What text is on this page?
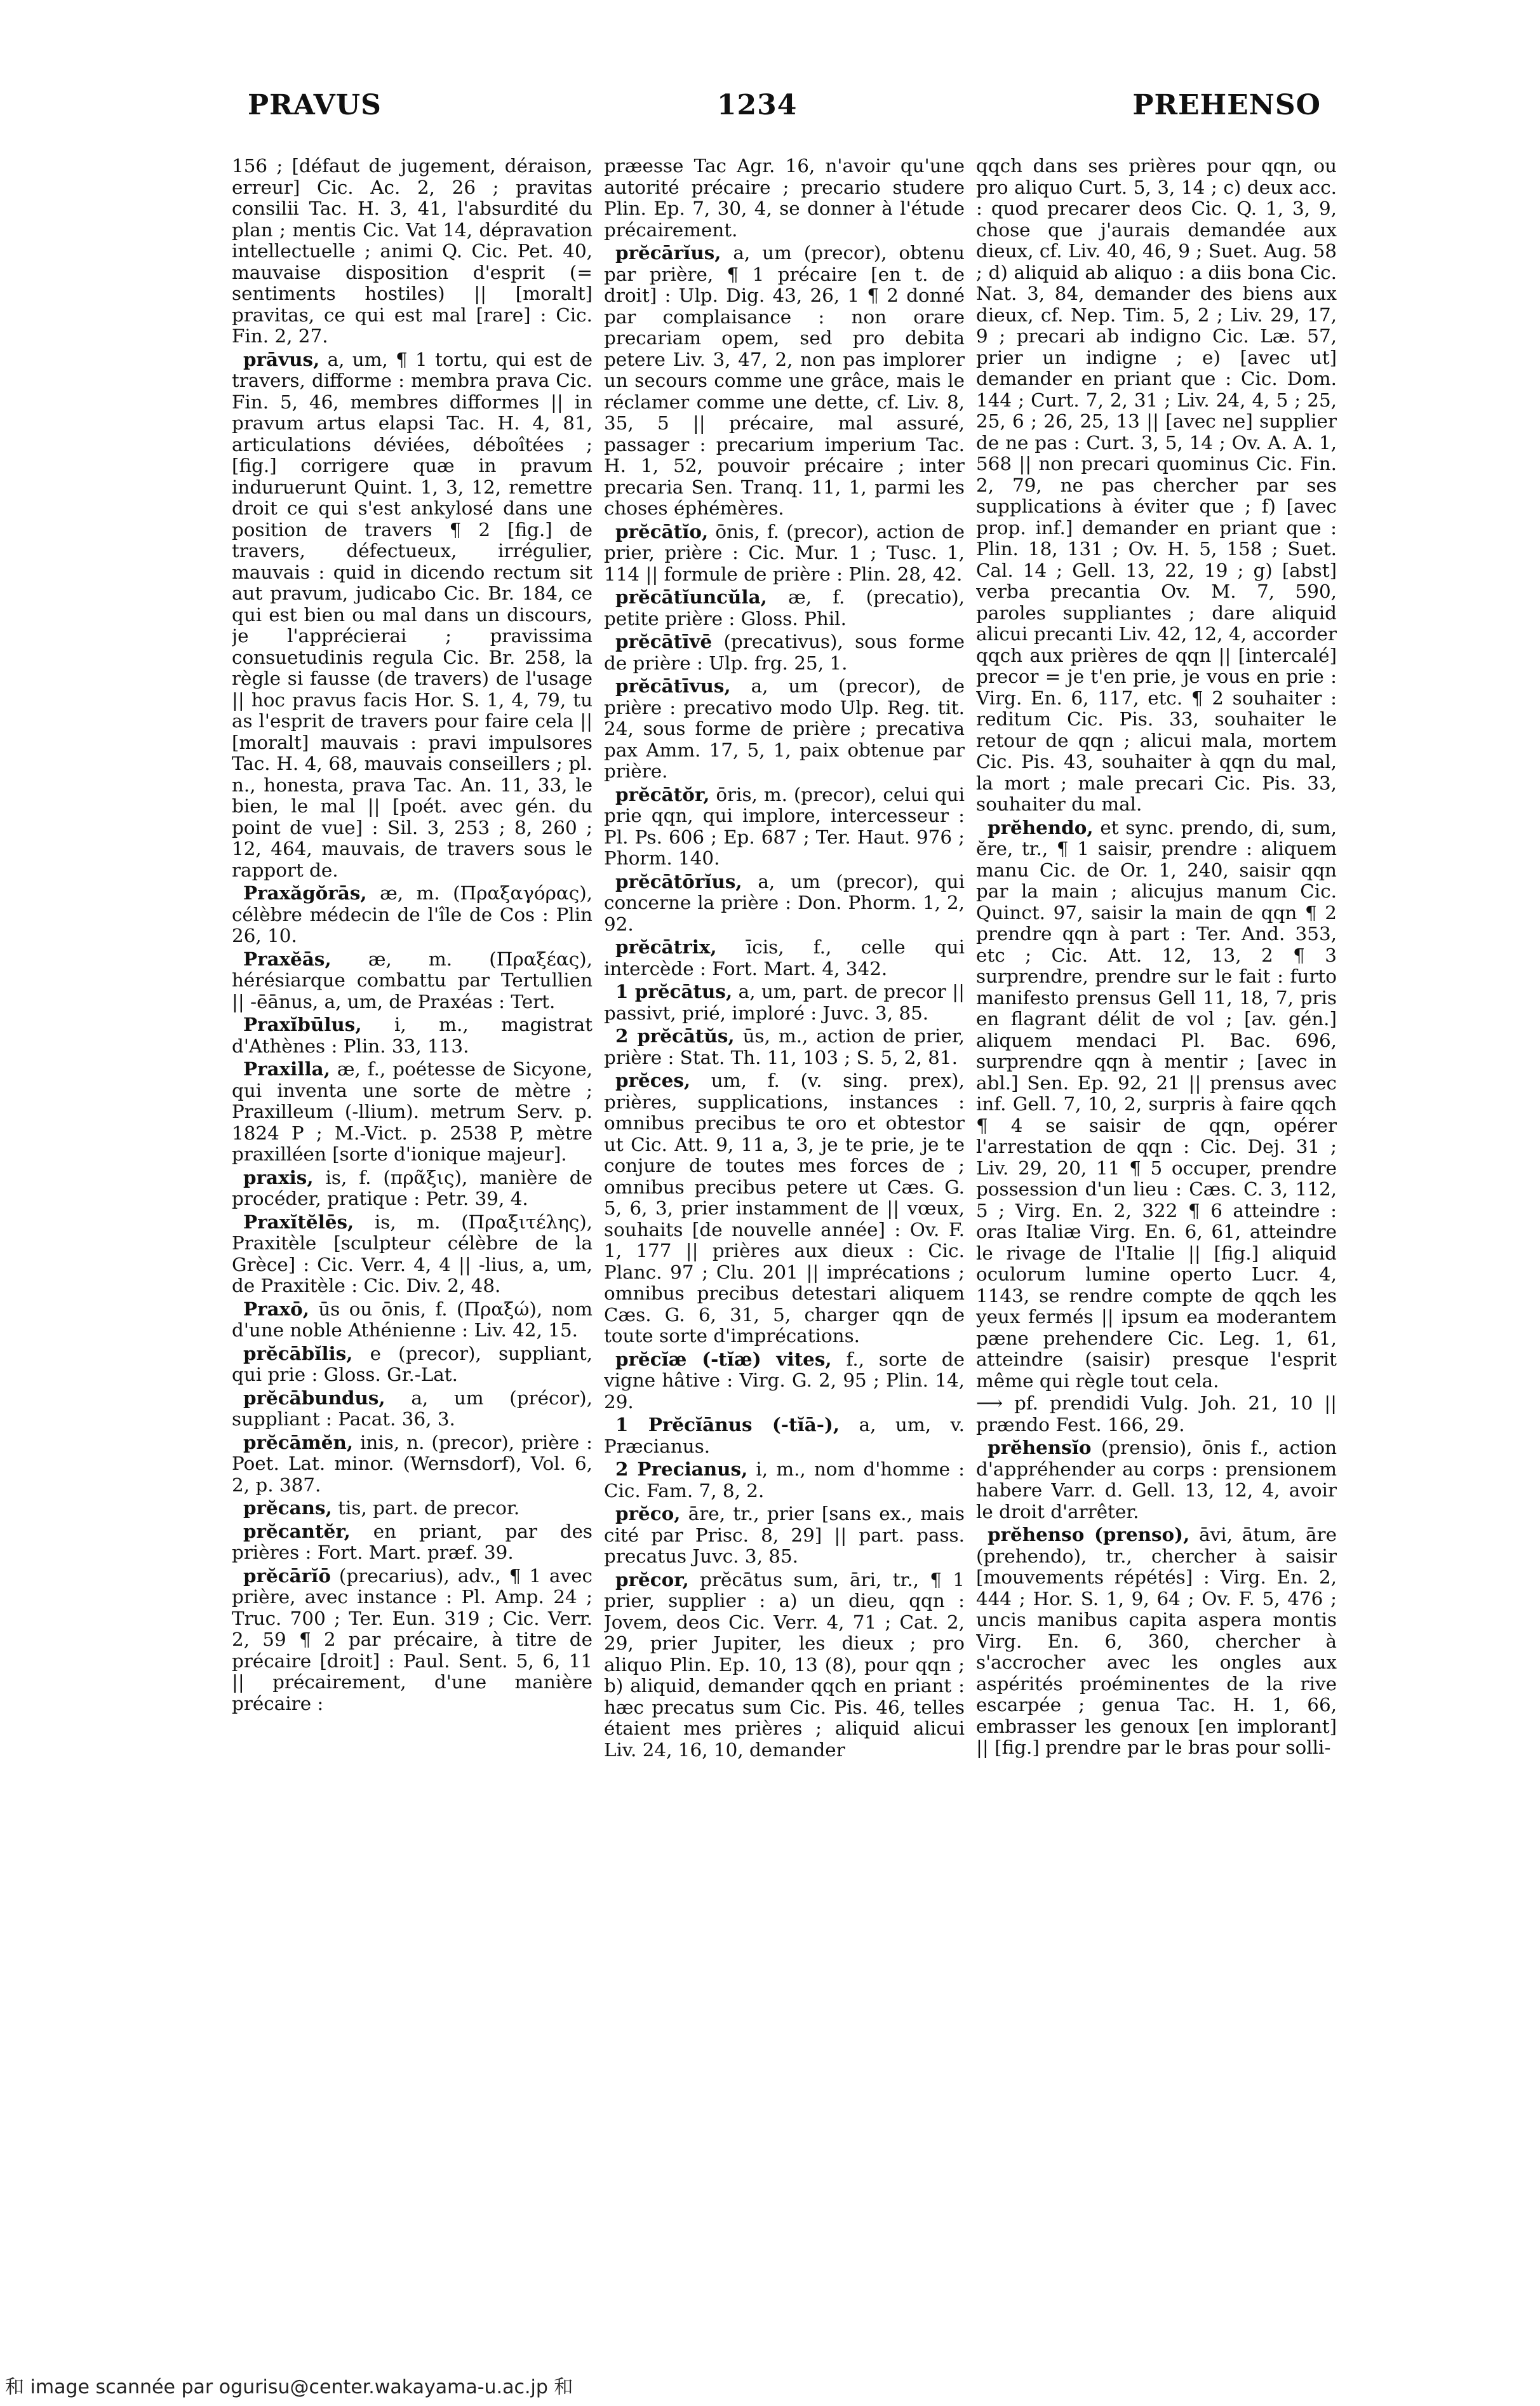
PRAVUS	1234	PREHENSO

156 ; [défaut de jugement, déraison, erreur] Cic. Ac. 2, 26 ; pravitas consilii Tac. H. 3, 41, l'absurdité du plan ; mentis Cic. Vat 14, dépravation intellectuelle ; animi Q. Cic. Pet. 40, mauvaise disposition d'esprit (= sentiments hostiles) || [moralt] pravitas, ce qui est mal [rare] : Cic. Fin. 2, 27.

prāvus, a, um, ¶ 1 tortu, qui est de travers, difforme : membra prava Cic. Fin. 5, 46, membres difformes || in pravum artus elapsi Tac. H. 4, 81, articulations déviées, déboîtées ; [fig.] corrigere quæ in pravum induruerunt Quint. 1, 3, 12, remettre droit ce qui s'est ankylosé dans une position de travers ¶ 2 [fig.] de travers, défectueux, irrégulier, mauvais : quid in dicendo rectum sit aut pravum, judicabo Cic. Br. 184, ce qui est bien ou mal dans un discours, je l'apprécierai ; pravissima consuetudinis regula Cic. Br. 258, la règle si fausse (de travers) de l'usage || hoc pravus facis Hor. S. 1, 4, 79, tu as l'esprit de travers pour faire cela || [moralt] mauvais : pravi impulsores Tac. H. 4, 68, mauvais conseillers ; pl. n., honesta, prava Tac. An. 11, 33, le bien, le mal || [poét. avec gén. du point de vue] : Sil. 3, 253 ; 8, 260 ; 12, 464, mauvais, de travers sous le rapport de.

Praxăgŏrās, æ, m. (Πραξαγόρας), célèbre médecin de l'île de Cos : Plin 26, 10.

Praxĕās, æ, m. (Πραξέας), hérésiarque combattu par Tertullien || -ēānus, a, um, de Praxéas : Tert.

Praxĭbūlus, i, m., magistrat d'Athènes : Plin. 33, 113.

Praxilla, æ, f., poétesse de Sicyone, qui inventa une sorte de mètre ; Praxilleum (-llium). metrum Serv. p. 1824 P ; M.-Vict. p. 2538 P, mètre praxilléen [sorte d'ionique majeur].

praxis, is, f. (πρᾶξις), manière de procéder, pratique : Petr. 39, 4.

Praxĭtĕlēs, is, m. (Πραξιτέλης), Praxitèle [sculpteur célèbre de la Grèce] : Cic. Verr. 4, 4 || -lius, a, um, de Praxitèle : Cic. Div. 2, 48.

Praxō, ūs ou ōnis, f. (Πραξώ), nom d'une noble Athénienne : Liv. 42, 15.

prĕcābĭlis, e (precor), suppliant, qui prie : Gloss. Gr.-Lat.

prĕcābundus, a, um (précor), suppliant : Pacat. 36, 3.

prĕcāmĕn, inis, n. (precor), prière : Poet. Lat. minor. (Wernsdorf), Vol. 6, 2, p. 387.

prĕcans, tis, part. de precor.

prĕcantĕr, en priant, par des prières : Fort. Mart. præf. 39.

prĕcārĭō (precarius), adv., ¶ 1 avec prière, avec instance : Pl. Amp. 24 ; Truc. 700 ; Ter. Eun. 319 ; Cic. Verr. 2, 59 ¶ 2 par précaire, à titre de précaire [droit] : Paul. Sent. 5, 6, 11 || précairement, d'une manière précaire :

præesse Tac Agr. 16, n'avoir qu'une autorité précaire ; precario studere Plin. Ep. 7, 30, 4, se donner à l'étude précairement.

prĕcārĭus, a, um (precor), obtenu par prière, ¶ 1 précaire [en t. de droit] : Ulp. Dig. 43, 26, 1 ¶ 2 donné par complaisance : non orare precariam opem, sed pro debita petere Liv. 3, 47, 2, non pas implorer un secours comme une grâce, mais le réclamer comme une dette, cf. Liv. 8, 35, 5 || précaire, mal assuré, passager : precarium imperium Tac. H. 1, 52, pouvoir précaire ; inter precaria Sen. Tranq. 11, 1, parmi les choses éphémères.

prĕcātĭo, ōnis, f. (precor), action de prier, prière : Cic. Mur. 1 ; Tusc. 1, 114 || formule de prière : Plin. 28, 42.

prĕcātĭuncŭla, æ, f. (precatio), petite prière : Gloss. Phil.

prĕcātīvē (precativus), sous forme de prière : Ulp. frg. 25, 1.

prĕcātīvus, a, um (precor), de prière : precativo modo Ulp. Reg. tit. 24, sous forme de prière ; precativa pax Amm. 17, 5, 1, paix obtenue par prière.

prĕcātŏr, ōris, m. (precor), celui qui prie qqn, qui implore, intercesseur : Pl. Ps. 606 ; Ep. 687 ; Ter. Haut. 976 ; Phorm. 140.

prĕcātōrĭus, a, um (precor), qui concerne la prière : Don. Phorm. 1, 2, 92.

prĕcātrix, īcis, f., celle qui intercède : Fort. Mart. 4, 342.

1 prĕcātus, a, um, part. de precor || passivt, prié, imploré : Juvc. 3, 85.

2 prĕcātŭs, ūs, m., action de prier, prière : Stat. Th. 11, 103 ; S. 5, 2, 81.

prĕces, um, f. (v. sing. prex), prières, supplications, instances : omnibus precibus te oro et obtestor ut Cic. Att. 9, 11 a, 3, je te prie, je te conjure de toutes mes forces de ; omnibus precibus petere ut Cæs. G. 5, 6, 3, prier instamment de || vœux, souhaits [de nouvelle année] : Ov. F. 1, 177 || prières aux dieux : Cic. Planc. 97 ; Clu. 201 || imprécations ; omnibus precibus detestari aliquem Cæs. G. 6, 31, 5, charger qqn de toute sorte d'imprécations.

prĕcĭæ (-tĭæ) vites, f., sorte de vigne hâtive : Virg. G. 2, 95 ; Plin. 14, 29.

1 Prĕcĭānus (-tĭā-), a, um, v. Præcianus.

2 Precianus, i, m., nom d'homme : Cic. Fam. 7, 8, 2.

prĕco, āre, tr., prier [sans ex., mais cité par Prisc. 8, 29] || part. pass. precatus Juvc. 3, 85.

prĕcor, prĕcātus sum, āri, tr., ¶ 1 prier, supplier : a) un dieu, qqn : Jovem, deos Cic. Verr. 4, 71 ; Cat. 2, 29, prier Jupiter, les dieux ; pro aliquo Plin. Ep. 10, 13 (8), pour qqn ; b) aliquid, demander qqch en priant : hæc precatus sum Cic. Pis. 46, telles étaient mes prières ; aliquid alicui Liv. 24, 16, 10, demander

qqch dans ses prières pour qqn, ou pro aliquo Curt. 5, 3, 14 ; c) deux acc. : quod precarer deos Cic. Q. 1, 3, 9, chose que j'aurais demandée aux dieux, cf. Liv. 40, 46, 9 ; Suet. Aug. 58 ; d) aliquid ab aliquo : a diis bona Cic. Nat. 3, 84, demander des biens aux dieux, cf. Nep. Tim. 5, 2 ; Liv. 29, 17, 9 ; precari ab indigno Cic. Læ. 57, prier un indigne ; e) [avec ut] demander en priant que : Cic. Dom. 144 ; Curt. 7, 2, 31 ; Liv. 24, 4, 5 ; 25, 25, 6 ; 26, 25, 13 || [avec ne] supplier de ne pas : Curt. 3, 5, 14 ; Ov. A. A. 1, 568 || non precari quominus Cic. Fin. 2, 79, ne pas chercher par ses supplications à éviter que ; f) [avec prop. inf.] demander en priant que : Plin. 18, 131 ; Ov. H. 5, 158 ; Suet. Cal. 14 ; Gell. 13, 22, 19 ; g) [abst] verba precantia Ov. M. 7, 590, paroles suppliantes ; dare aliquid alicui precanti Liv. 42, 12, 4, accorder qqch aux prières de qqn || [intercalé] precor = je t'en prie, je vous en prie : Virg. En. 6, 117, etc. ¶ 2 souhaiter : reditum Cic. Pis. 33, souhaiter le retour de qqn ; alicui mala, mortem Cic. Pis. 43, souhaiter à qqn du mal, la mort ; male precari Cic. Pis. 33, souhaiter du mal.

prĕhendo, et sync. prendo, di, sum, ĕre, tr., ¶ 1 saisir, prendre : aliquem manu Cic. de Or. 1, 240, saisir qqn par la main ; alicujus manum Cic. Quinct. 97, saisir la main de qqn ¶ 2 prendre qqn à part : Ter. And. 353, etc ; Cic. Att. 12, 13, 2 ¶ 3 surprendre, prendre sur le fait : furto manifesto prensus Gell 11, 18, 7, pris en flagrant délit de vol ; [av. gén.] aliquem mendaci Pl. Bac. 696, surprendre qqn à mentir ; [avec in abl.] Sen. Ep. 92, 21 || prensus avec inf. Gell. 7, 10, 2, surpris à faire qqch ¶ 4 se saisir de qqn, opérer l'arrestation de qqn : Cic. Dej. 31 ; Liv. 29, 20, 11 ¶ 5 occuper, prendre possession d'un lieu : Cæs. C. 3, 112, 5 ; Virg. En. 2, 322 ¶ 6 atteindre : oras Italiæ Virg. En. 6, 61, atteindre le rivage de l'Italie || [fig.] aliquid oculorum lumine operto Lucr. 4, 1143, se rendre compte de qqch les yeux fermés || ipsum ea moderantem pæne prehendere Cic. Leg. 1, 61, atteindre (saisir) presque l'esprit même qui règle tout cela.

⟶ pf. prendidi Vulg. Joh. 21, 10 || prændo Fest. 166, 29.

prĕhensĭo (prensio), ōnis f., action d'appréhender au corps : prensionem habere Varr. d. Gell. 13, 12, 4, avoir le droit d'arrêter.

prĕhenso (prenso), āvi, ātum, āre (prehendo), tr., chercher à saisir [mouvements répétés] : Virg. En. 2, 444 ; Hor. S. 1, 9, 64 ; Ov. F. 5, 476 ; uncis manibus capita aspera montis Virg. En. 6, 360, chercher à s'accrocher avec les ongles aux aspérités proéminentes de la rive escarpée ; genua Tac. H. 1, 66, embrasser les genoux [en implorant] || [fig.] prendre par le bras pour solli-

和 image scannée par ogurisu@center.wakayama-u.ac.jp 和
